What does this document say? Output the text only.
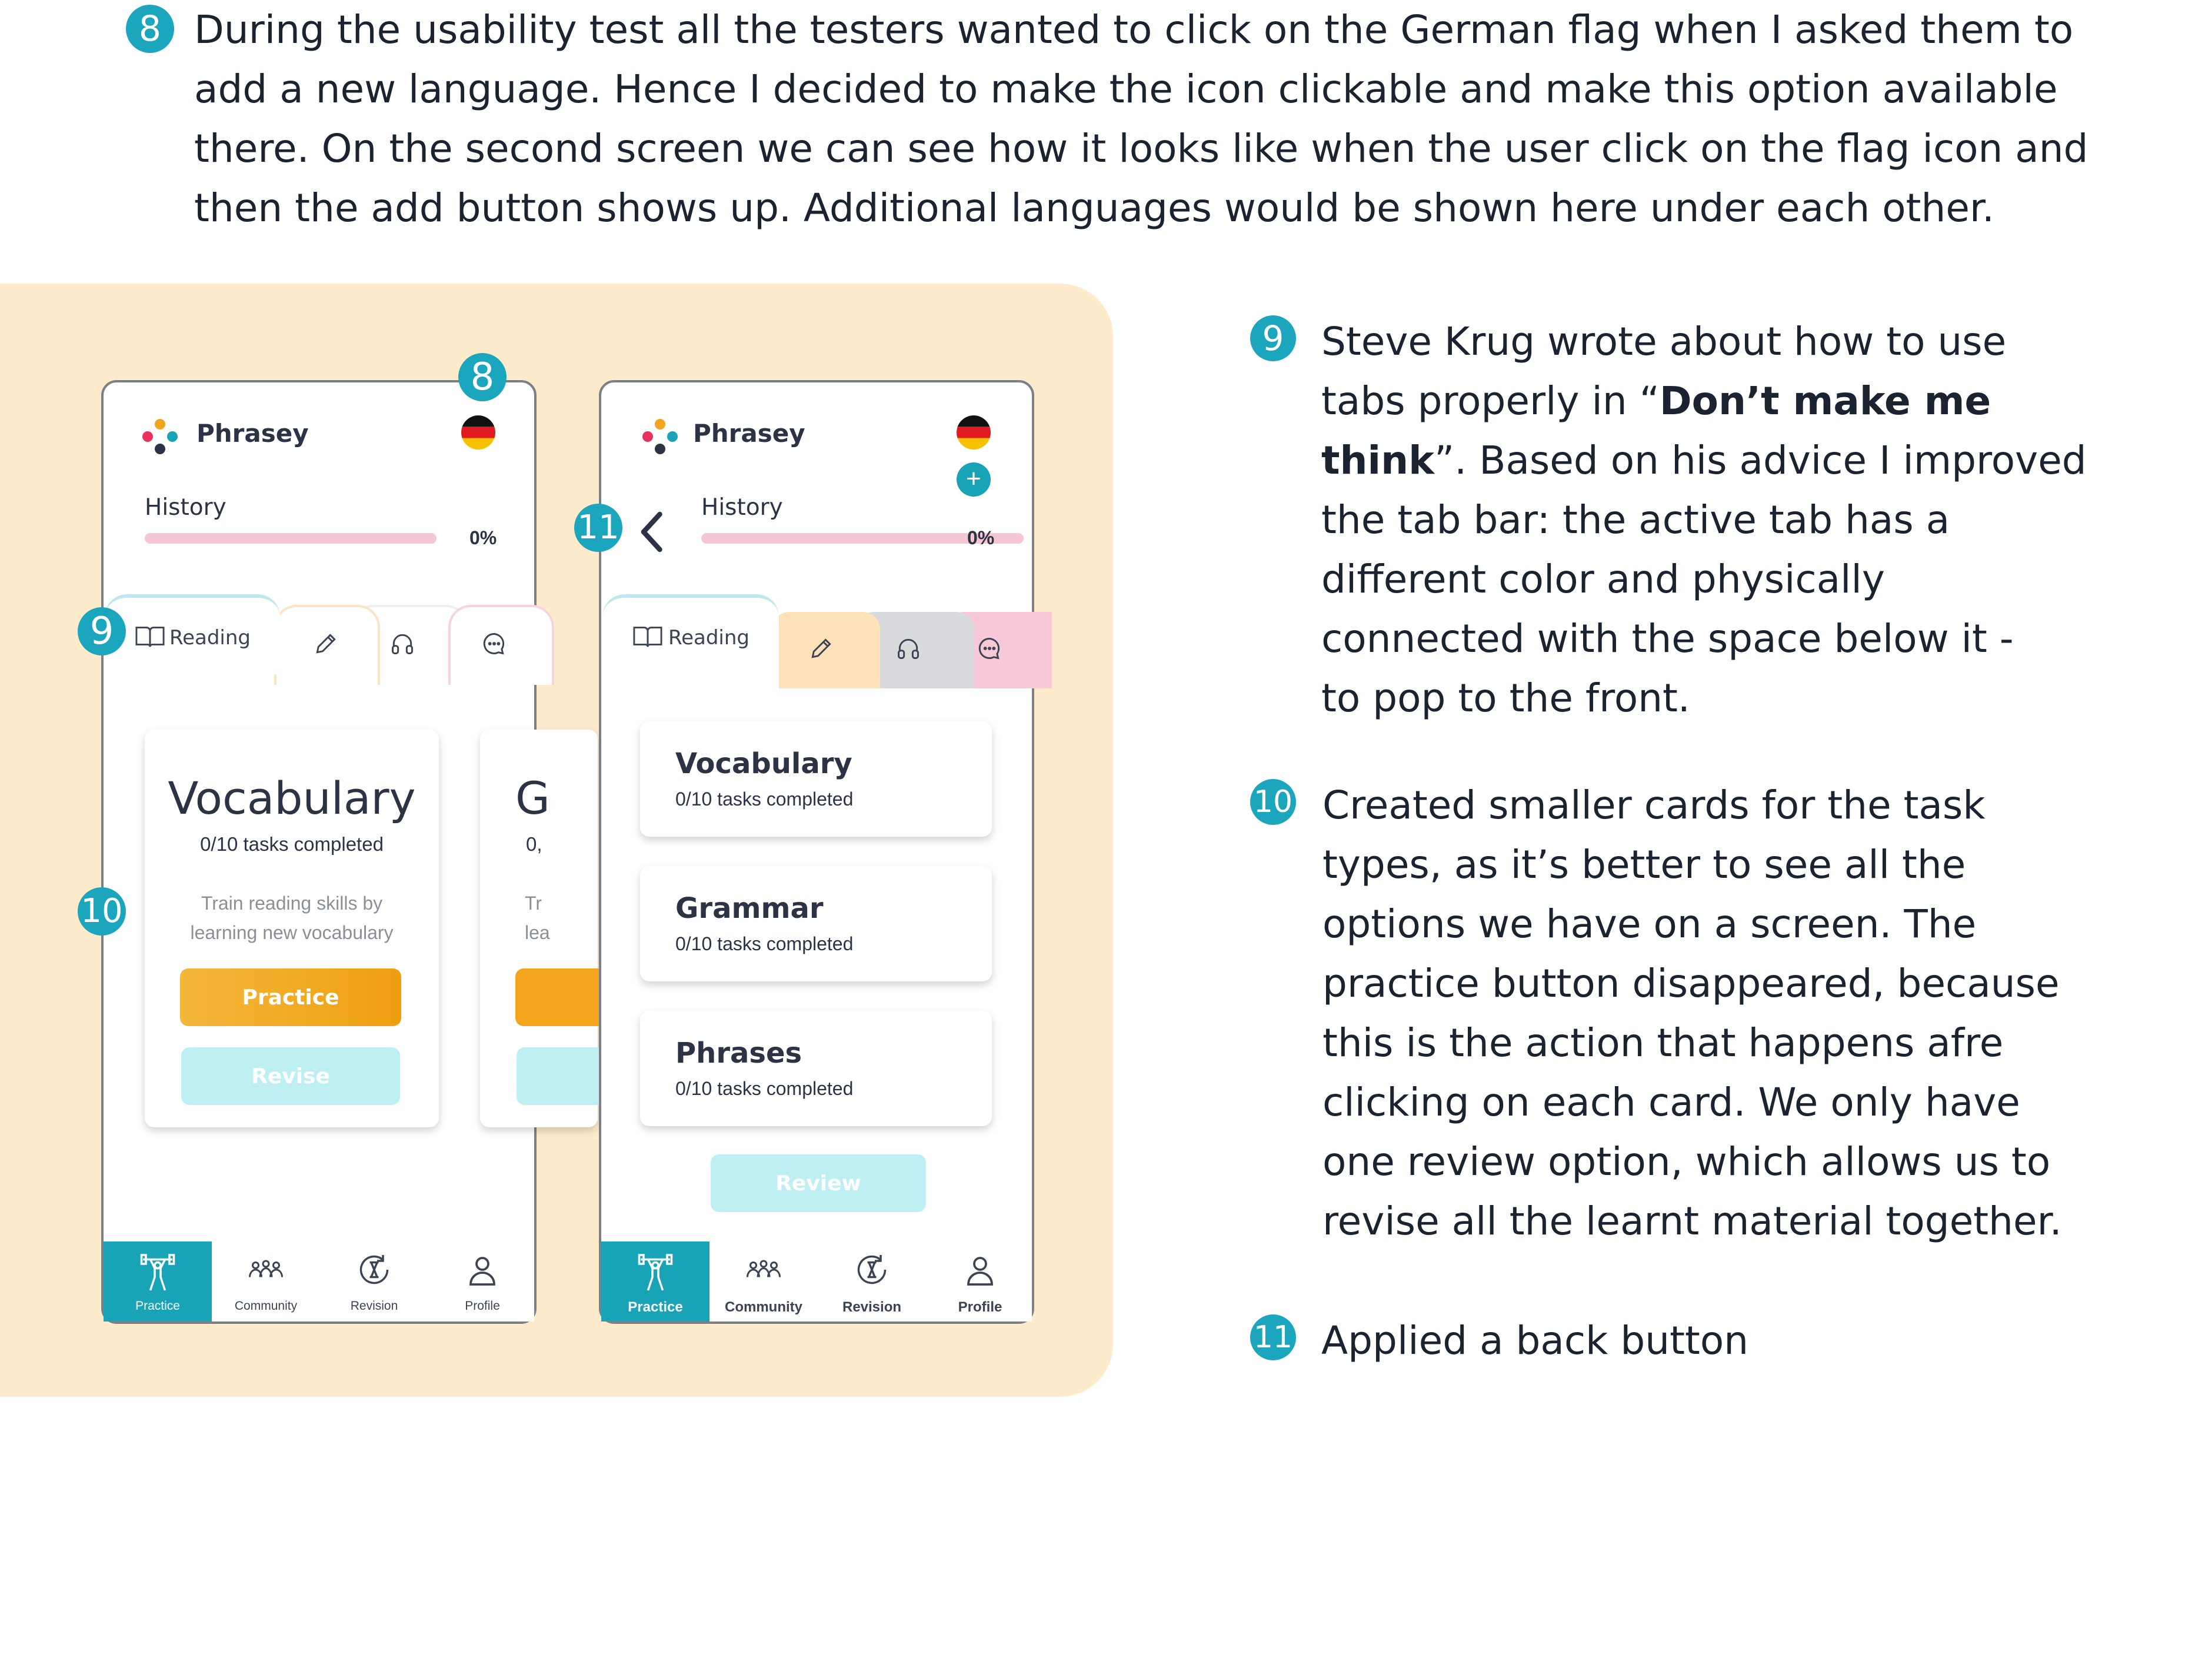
8 During the usability test all the testers wanted to click on the German flag when I asked them to
add a new language. Hence I decided to make the icon clickable and make this option available
there. On the second screen we can see how it looks like when the user click on the flag icon and
then the add button shows up. Additional languages would be shown here under each other.
Phrasey
History
0%
Reading
Vocabulary
0/10 tasks completed
Train reading skills by
learning new vocabulary
Practice
Revise
G
0,
Tr
lea
Practice	Community	Revision	Profile
Phrasey
+
History
0%
Reading
Vocabulary
0/10 tasks completed
Grammar
0/10 tasks completed
Phrases
0/10 tasks completed
Review
Practice	Community	Revision	Profile
8
9
10
11
9 Steve Krug wrote about how to use
tabs properly in “Don’t make me
think”. Based on his advice I improved
the tab bar: the active tab has a
different color and physically
connected with the space below it -
to pop to the front.
10 Created smaller cards for the task
types, as it’s better to see all the
options we have on a screen. The
practice button disappeared, because
this is the action that happens afre
clicking on each card. We only have
one review option, which allows us to
revise all the learnt material together.
11 Applied a back button
